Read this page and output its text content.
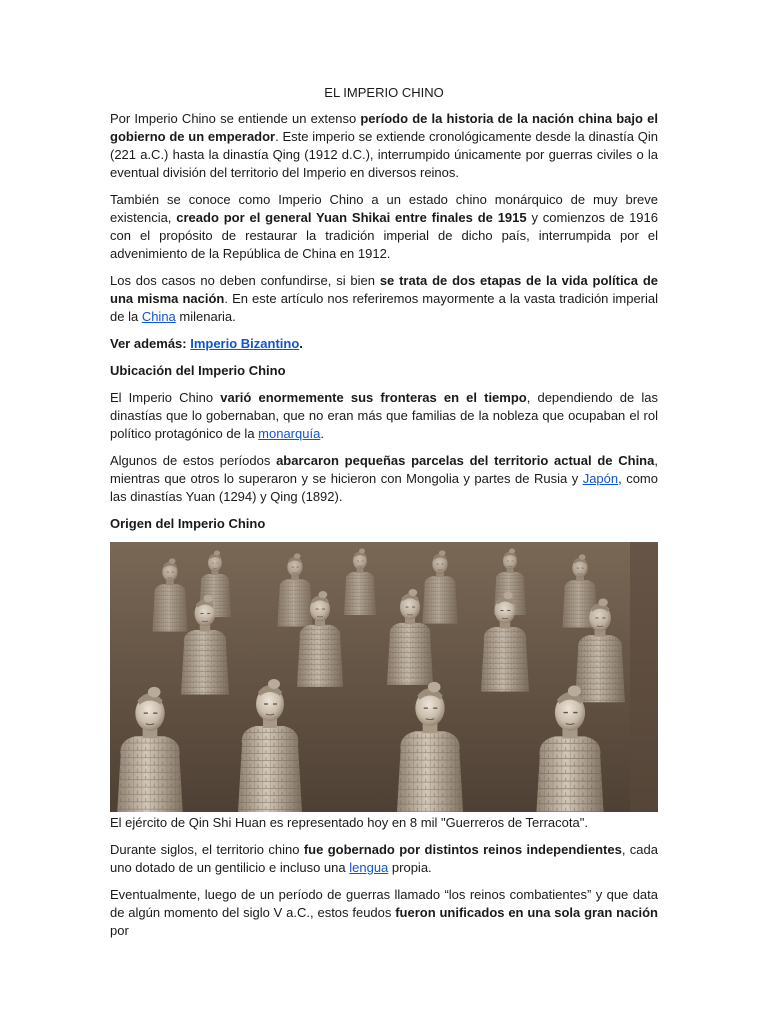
EL IMPERIO CHINO

Por Imperio Chino se entiende un extenso período de la historia de la nación china bajo el gobierno de un emperador. Este imperio se extiende cronológicamente desde la dinastía Qin (221 a.C.) hasta la dinastía Qing (1912 d.C.), interrumpido únicamente por guerras civiles o la eventual división del territorio del Imperio en diversos reinos.

También se conoce como Imperio Chino a un estado chino monárquico de muy breve existencia, creado por el general Yuan Shikai entre finales de 1915 y comienzos de 1916 con el propósito de restaurar la tradición imperial de dicho país, interrumpida por el advenimiento de la República de China en 1912.

Los dos casos no deben confundirse, si bien se trata de dos etapas de la vida política de una misma nación. En este artículo nos referiremos mayormente a la vasta tradición imperial de la China milenaria.

Ver además: Imperio Bizantino.

Ubicación del Imperio Chino

El Imperio Chino varió enormemente sus fronteras en el tiempo, dependiendo de las dinastías que lo gobernaban, que no eran más que familias de la nobleza que ocupaban el rol político protagónico de la monarquía.

Algunos de estos períodos abarcaron pequeñas parcelas del territorio actual de China, mientras que otros lo superaron y se hicieron con Mongolia y partes de Rusia y Japón, como las dinastías Yuan (1294) y Qing (1892).

Origen del Imperio Chino
El ejército de Qin Shi Huan es representado hoy en 8 mil "Guerreros de Terracota".

Durante siglos, el territorio chino fue gobernado por distintos reinos independientes, cada uno dotado de un gentilicio e incluso una lengua propia.

Eventualmente, luego de un período de guerras llamado “los reinos combatientes” y que data de algún momento del siglo V a.C., estos feudos fueron unificados en una sola gran nación por
